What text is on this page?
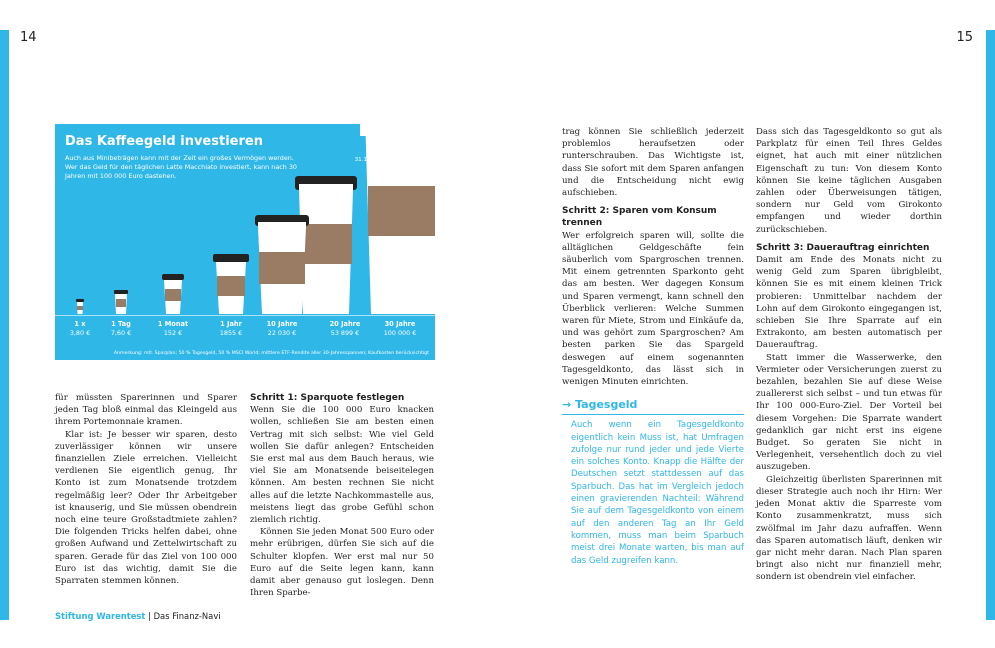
14	15
Das Kaffeegeld investieren
Auch aus Minibeträgen kann mit der Zeit ein großes Vermögen werden. Wer das Geld für den täglichen Latte Macchiato investiert, kann nach 30 Jahren mit 100 000 Euro dastehen.
Zeitraum:
31.12.1989 – 31.12.2020
1 x
3,80 €
1 Tag
7,60 €
1 Monat
152 €
1 Jahr
1855 €
10 Jahre
22 030 €
20 Jahre
53 899 €
30 Jahre
100 000 €
Anmerkung: mtl. Sparplan; 50 % Tagesgeld, 50 % MSCI World; mittlere ETF-Rendite aller 30-Jahresspannen; Kaufkosten berücksichtigt

für müssten Sparerinnen und Sparer jeden Tag bloß einmal das Kleingeld aus ihrem Portemonnaie kramen.

Klar ist: Je besser wir sparen, desto zuverlässiger können wir unsere finanziellen Ziele erreichen. Vielleicht verdienen Sie eigentlich genug, Ihr Konto ist zum Monatsende trotzdem regelmäßig leer? Oder Ihr Arbeitgeber ist knauserig, und Sie müssen obendrein noch eine teure Großstadtmiete zahlen? Die folgenden Tricks helfen dabei, ohne großen Aufwand und Zettelwirtschaft zu sparen. Gerade für das Ziel von 100 000 Euro ist das wichtig, damit Sie die Sparraten stemmen können.

Schritt 1: Sparquote festlegen

Wenn Sie die 100 000 Euro knacken wollen, schließen Sie am besten einen Vertrag mit sich selbst: Wie viel Geld wollen Sie dafür anlegen? Entscheiden Sie erst mal aus dem Bauch heraus, wie viel Sie am Monatsende beiseitelegen können. Am besten rechnen Sie nicht alles auf die letzte Nachkommastelle aus, meistens liegt das grobe Gefühl schon ziemlich richtig.

Können Sie jeden Monat 500 Euro oder mehr erübrigen, dürfen Sie sich auf die Schulter klopfen. Wer erst mal nur 50 Euro auf die Seite legen kann, kann damit aber genauso gut loslegen. Denn Ihren Sparbe-

trag können Sie schließlich jederzeit problemlos heraufsetzen oder runterschrauben. Das Wichtigste ist, dass Sie sofort mit dem Sparen anfangen und die Entscheidung nicht ewig aufschieben.

Schritt 2: Sparen vom Konsum trennen

Wer erfolgreich sparen will, sollte die alltäglichen Geldgeschäfte fein säuberlich vom Spargroschen trennen. Mit einem getrennten Sparkonto geht das am besten. Wer dagegen Konsum und Sparen vermengt, kann schnell den Überblick verlieren: Welche Summen waren für Miete, Strom und Einkäufe da, und was gehört zum Spargroschen? Am besten parken Sie das Spargeld deswegen auf einem sogenannten Tagesgeldkonto, das lässt sich in wenigen Minuten einrichten.

→ Tagesgeld
Auch wenn ein Tagesgeldkonto eigentlich kein Muss ist, hat Umfragen zufolge nur rund jeder und jede Vierte ein solches Konto. Knapp die Hälfte der Deutschen setzt stattdessen auf das Sparbuch. Das hat im Vergleich jedoch einen gravierenden Nachteil: Während Sie auf dem Tagesgeldkonto von einem auf den anderen Tag an Ihr Geld kommen, muss man beim Sparbuch meist drei Monate warten, bis man auf das Geld zugreifen kann.

Dass sich das Tagesgeldkonto so gut als Parkplatz für einen Teil Ihres Geldes eignet, hat auch mit einer nützlichen Eigenschaft zu tun: Von diesem Konto können Sie keine täglichen Ausgaben zahlen oder Überweisungen tätigen, sondern nur Geld vom Girokonto empfangen und wieder dorthin zurückschieben.

Schritt 3: Dauerauftrag einrichten

Damit am Ende des Monats nicht zu wenig Geld zum Sparen übrigbleibt, können Sie es mit einem kleinen Trick probieren: Unmittelbar nachdem der Lohn auf dem Girokonto eingegangen ist, schieben Sie Ihre Sparrate auf ein Extrakonto, am besten automatisch per Dauerauftrag.

Statt immer die Wasserwerke, den Vermieter oder Versicherungen zuerst zu bezahlen, bezahlen Sie auf diese Weise zuallererst sich selbst – und tun etwas für Ihr 100 000-Euro-Ziel. Der Vorteil bei diesem Vorgehen: Die Sparrate wandert gedanklich gar nicht erst ins eigene Budget. So geraten Sie nicht in Verlegenheit, versehentlich doch zu viel auszugeben.

Gleichzeitig überlisten Sparerinnen mit dieser Strategie auch noch ihr Hirn: Wer jeden Monat aktiv die Sparreste vom Konto zusammenkratzt, muss sich zwölfmal im Jahr dazu aufraffen. Wenn das Sparen automatisch läuft, denken wir gar nicht mehr daran. Nach Plan sparen bringt also nicht nur finanziell mehr, sondern ist obendrein viel einfacher.

Stiftung Warentest | Das Finanz-Navi
